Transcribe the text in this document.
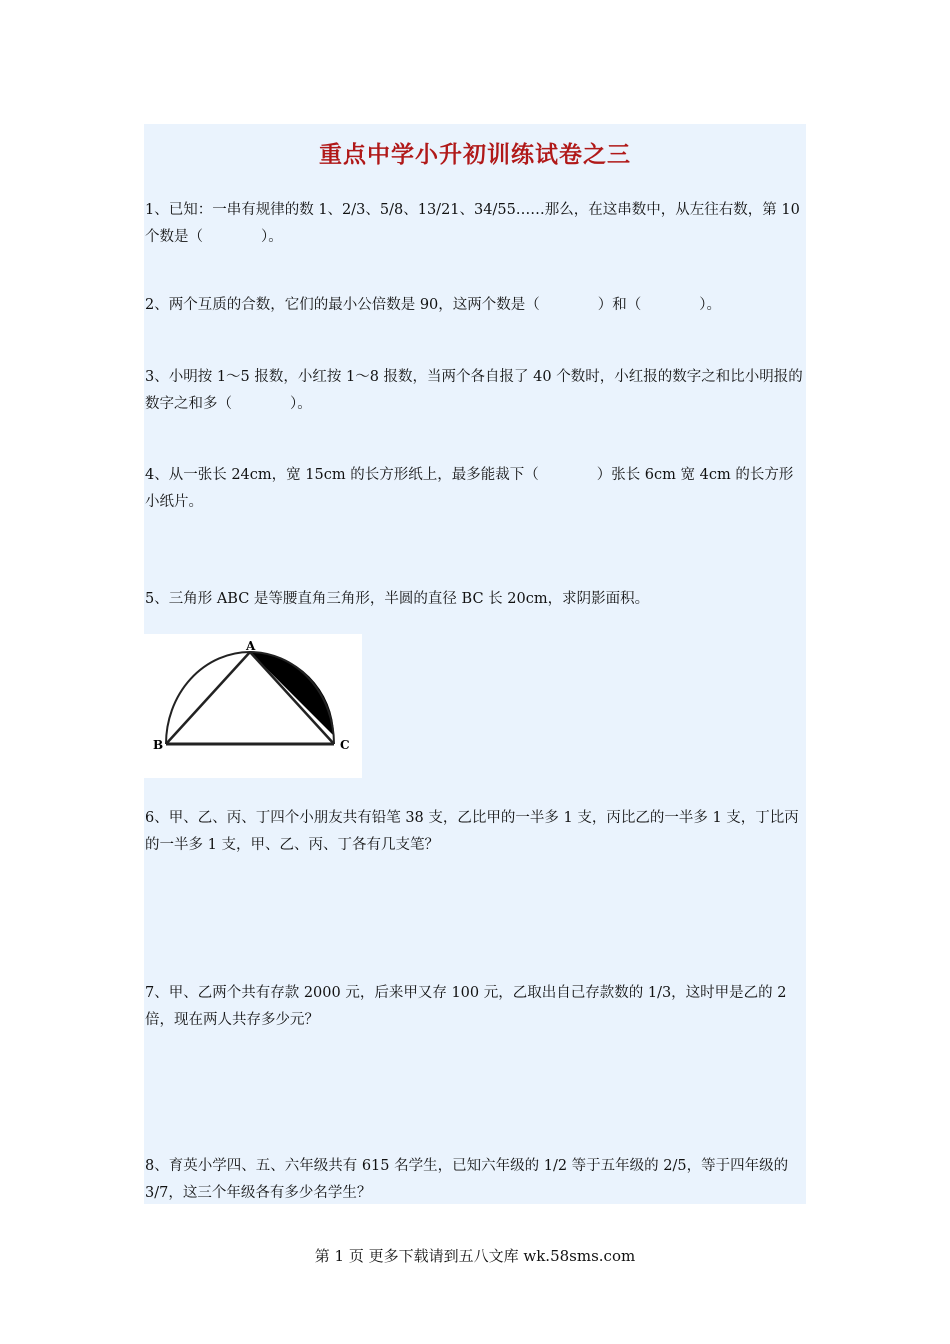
重点中学小升初训练试卷之三
1、已知：一串有规律的数 1、2/3、5/8、13/21、34/55……那么，在这串数中，从左往右数，第 10 个数是（　　　　）。
2、两个互质的合数，它们的最小公倍数是 90，这两个数是（　　　　）和（　　　　）。
3、小明按 1～5 报数，小红按 1～8 报数，当两个各自报了 40 个数时，小红报的数字之和比小明报的数字之和多（　　　　）。
4、从一张长 24cm，宽 15cm 的长方形纸上，最多能裁下（　　　　）张长 6cm 宽 4cm 的长方形小纸片。
5、三角形 ABC 是等腰直角三角形，半圆的直径 BC 长 20cm，求阴影面积。
A
B	C
6、甲、乙、丙、丁四个小朋友共有铅笔 38 支，乙比甲的一半多 1 支，丙比乙的一半多 1 支，丁比丙的一半多 1 支，甲、乙、丙、丁各有几支笔？
7、甲、乙两个共有存款 2000 元，后来甲又存 100 元，乙取出自己存款数的 1/3，这时甲是乙的 2 倍，现在两人共存多少元？
8、育英小学四、五、六年级共有 615 名学生，已知六年级的 1/2 等于五年级的 2/5，等于四年级的 3/7，这三个年级各有多少名学生？
第 1 页 更多下载请到五八文库 wk.58sms.com
